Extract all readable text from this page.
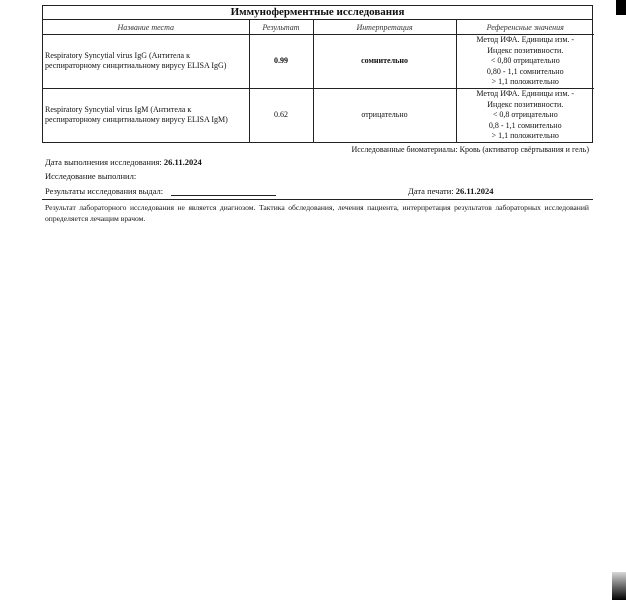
Иммуноферментные исследования
Название теста	Результат	Интерпретация	Референсные значения
Respiratory Syncytial virus IgG (Антитела к респираторному синцитиальному вирусу ELISA IgG)	0.99	сомнительно	Метод ИФА. Единицы изм. -
Индекс позитивности.
< 0,80 отрицательно
0,80 - 1,1 сомнительно
> 1,1 положительно

Respiratory Syncytial virus IgM (Антитела к респираторному синцитиальному вирусу ELISA IgM)	0.62	отрицательно	Метод ИФА. Единицы изм. -
Индекс позитивности.
< 0,8 отрицательно
0,8 - 1,1 сомнительно
> 1,1 положительно
Исследованные биоматериалы: Кровь (активатор свёртывания и гель)
Дата выполнения исследования: 26.11.2024
Исследование выполнил:
Результаты исследования выдал:	Дата печати: 26.11.2024
Результат лабораторного исследования не является диагнозом. Тактика обследования, лечения пациента, интерпретация результатов лабораторных исследований определяется лечащим врачом.
